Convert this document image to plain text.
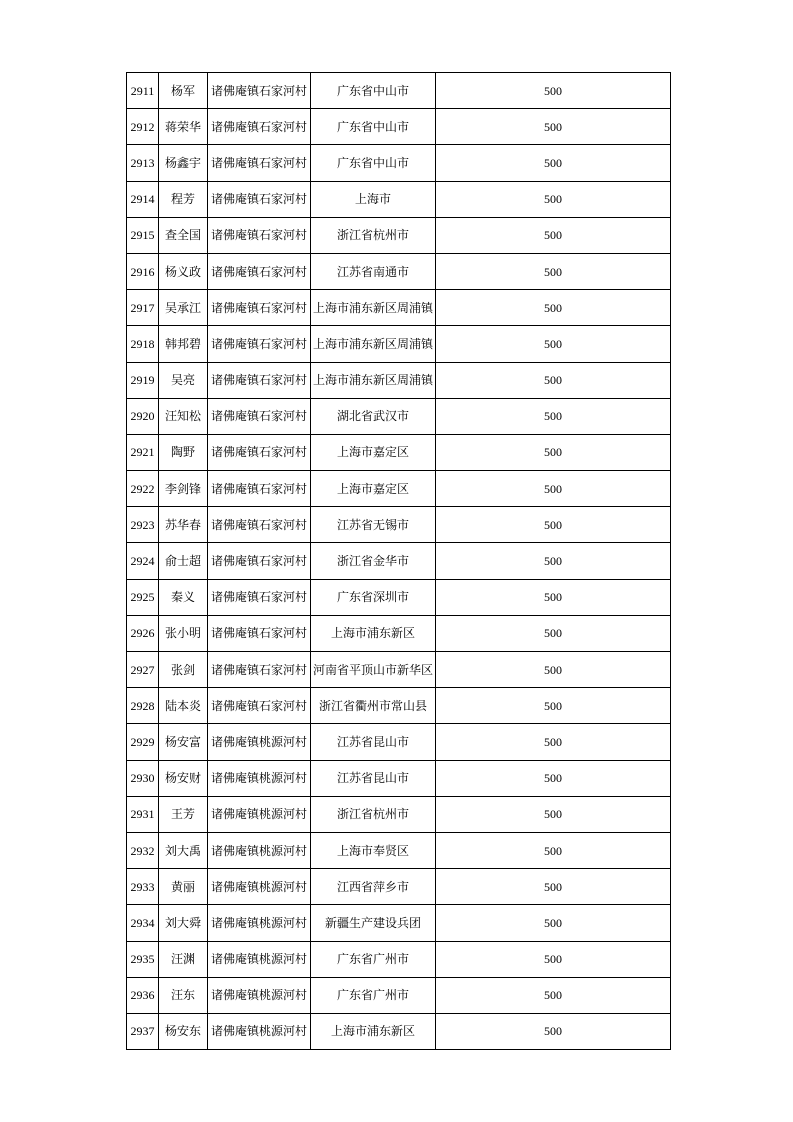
2911	杨军	诸佛庵镇石家河村	广东省中山市	500
2912	蒋荣华	诸佛庵镇石家河村	广东省中山市	500
2913	杨鑫宇	诸佛庵镇石家河村	广东省中山市	500
2914	程芳	诸佛庵镇石家河村	上海市	500
2915	查全国	诸佛庵镇石家河村	浙江省杭州市	500
2916	杨义政	诸佛庵镇石家河村	江苏省南通市	500
2917	吴承江	诸佛庵镇石家河村	上海市浦东新区周浦镇	500
2918	韩邦碧	诸佛庵镇石家河村	上海市浦东新区周浦镇	500
2919	吴亮	诸佛庵镇石家河村	上海市浦东新区周浦镇	500
2920	汪知松	诸佛庵镇石家河村	湖北省武汉市	500
2921	陶野	诸佛庵镇石家河村	上海市嘉定区	500
2922	李剑锋	诸佛庵镇石家河村	上海市嘉定区	500
2923	苏华春	诸佛庵镇石家河村	江苏省无锡市	500
2924	俞士超	诸佛庵镇石家河村	浙江省金华市	500
2925	秦义	诸佛庵镇石家河村	广东省深圳市	500
2926	张小明	诸佛庵镇石家河村	上海市浦东新区	500
2927	张剑	诸佛庵镇石家河村	河南省平顶山市新华区	500
2928	陆本炎	诸佛庵镇石家河村	浙江省衢州市常山县	500
2929	杨安富	诸佛庵镇桃源河村	江苏省昆山市	500
2930	杨安财	诸佛庵镇桃源河村	江苏省昆山市	500
2931	王芳	诸佛庵镇桃源河村	浙江省杭州市	500
2932	刘大禹	诸佛庵镇桃源河村	上海市奉贤区	500
2933	黄丽	诸佛庵镇桃源河村	江西省萍乡市	500
2934	刘大舜	诸佛庵镇桃源河村	新疆生产建设兵团	500
2935	汪渊	诸佛庵镇桃源河村	广东省广州市	500
2936	汪东	诸佛庵镇桃源河村	广东省广州市	500
2937	杨安东	诸佛庵镇桃源河村	上海市浦东新区	500
